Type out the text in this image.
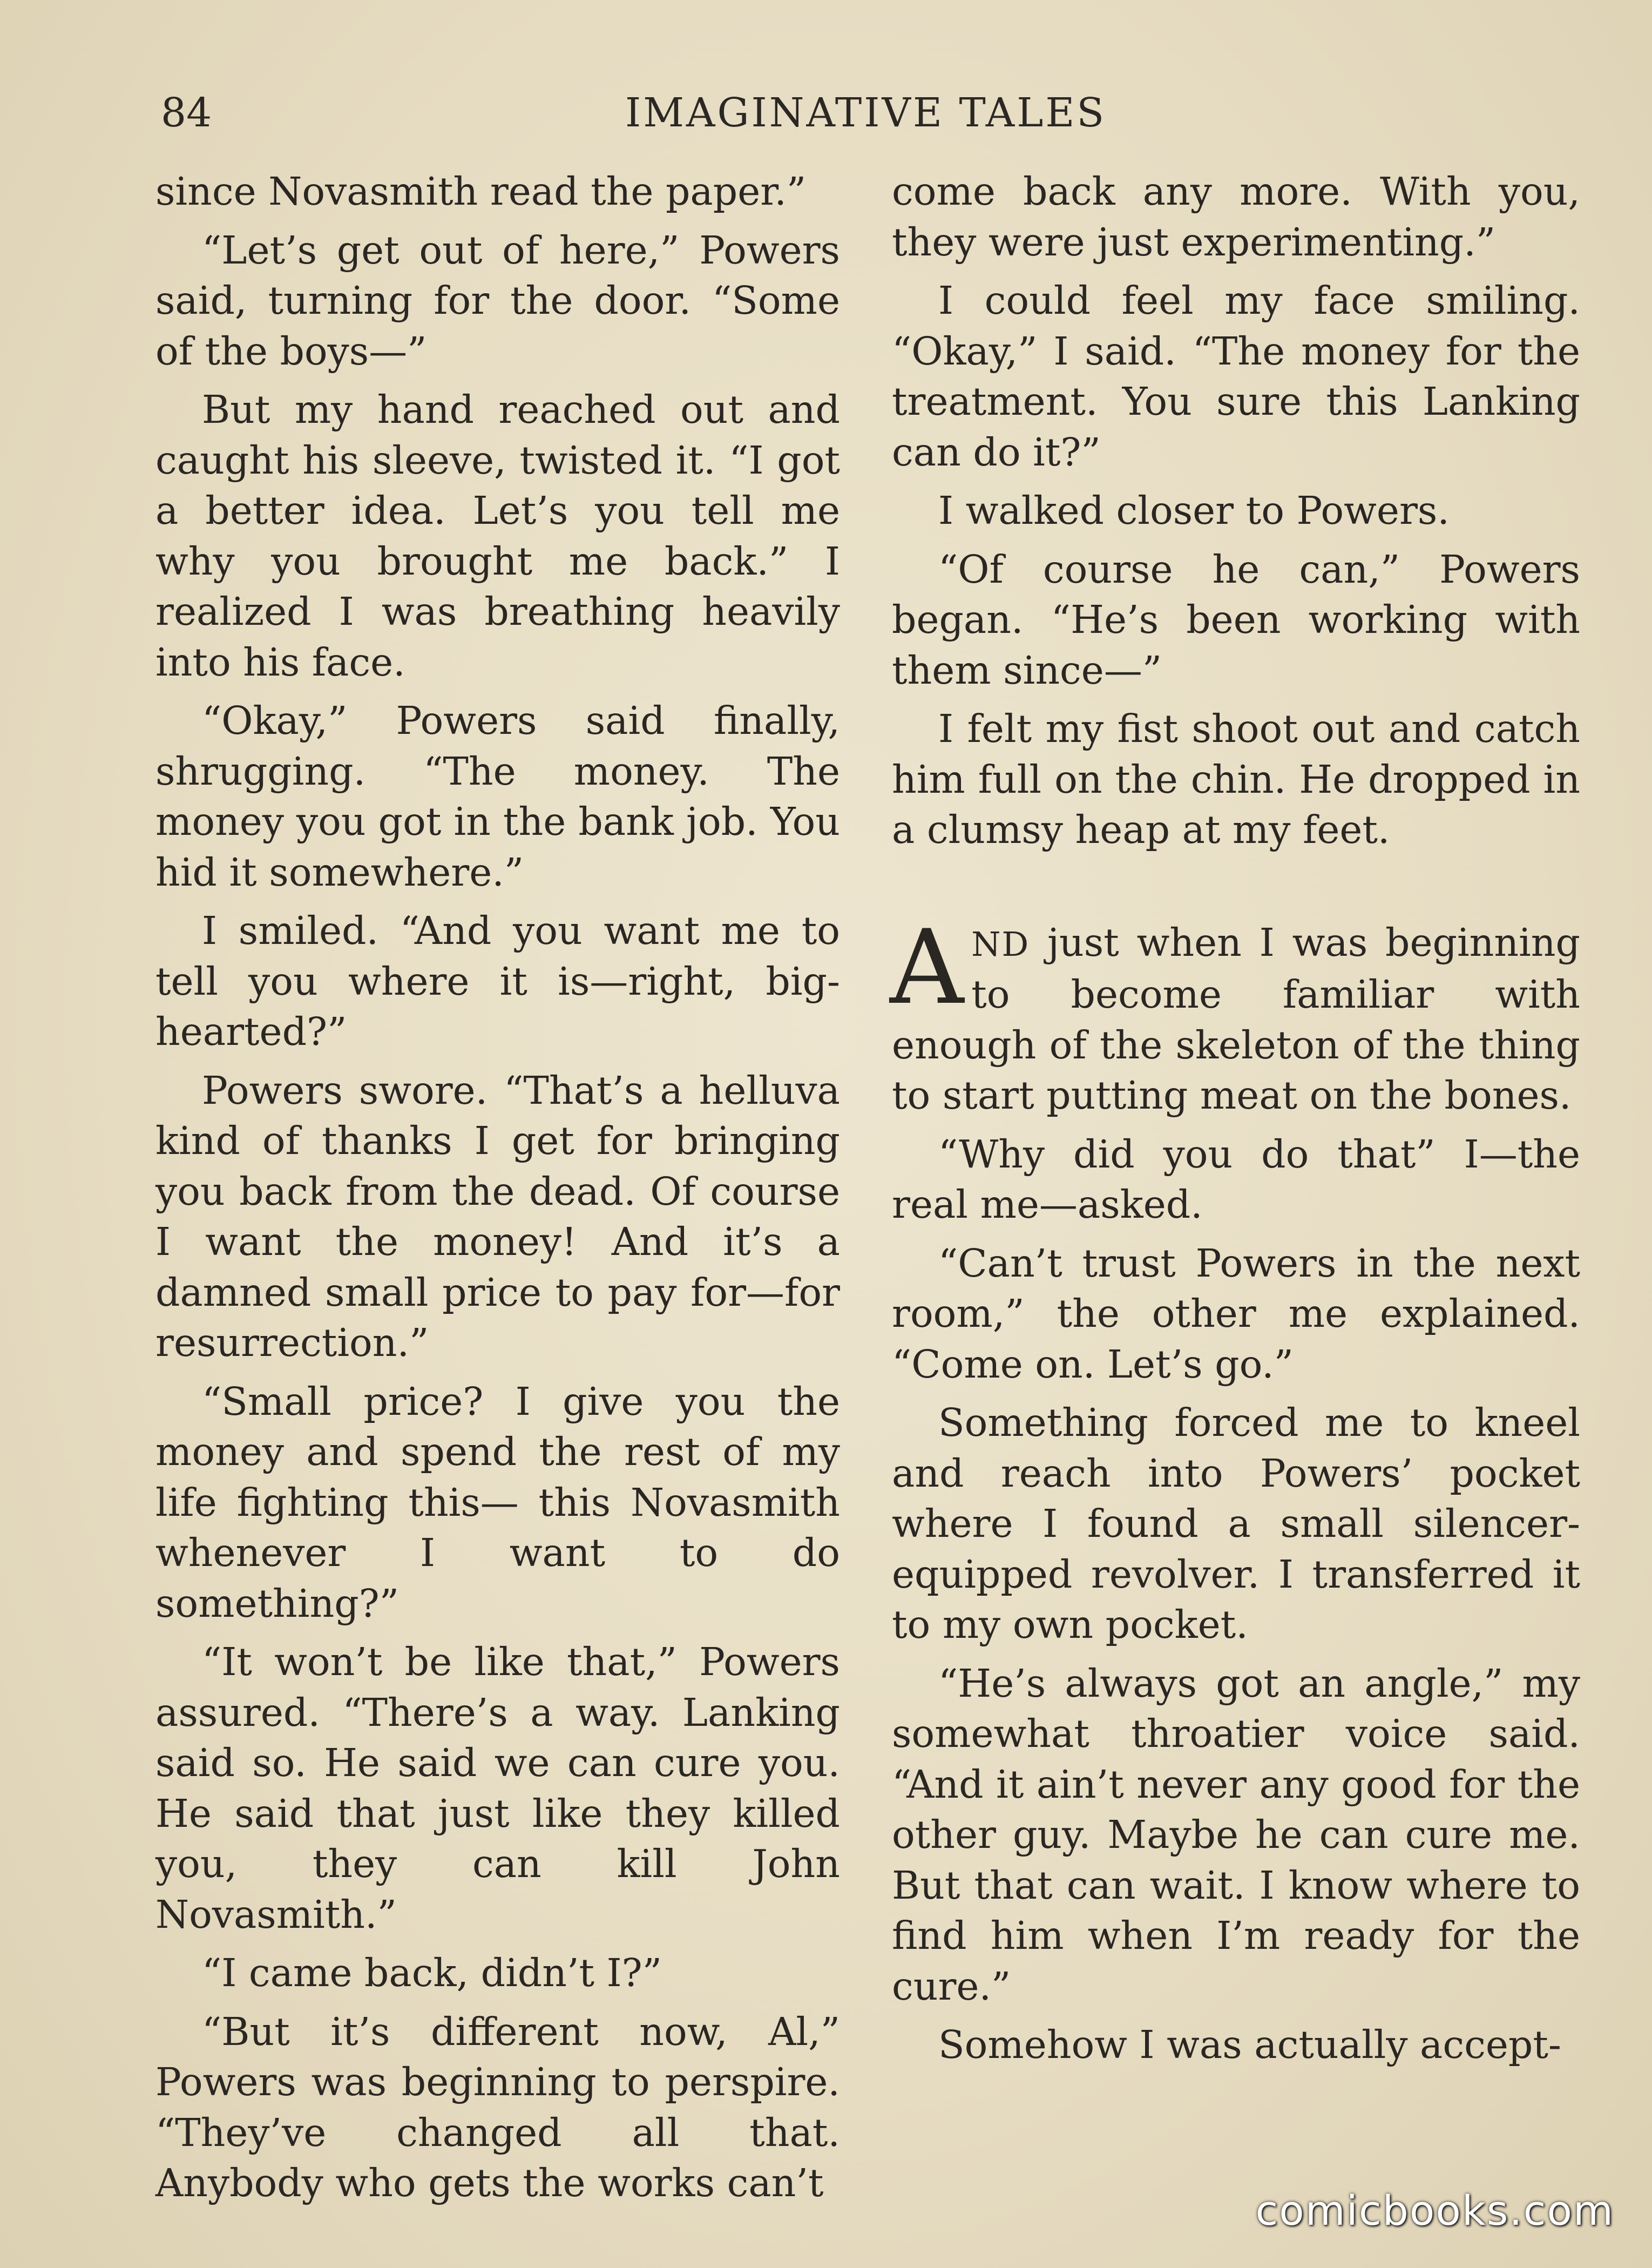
84	IMAGINATIVE TALES

since Novasmith read the paper.”

“Let’s get out of here,” Powers said, turning for the door. “Some of the boys—”

But my hand reached out and caught his sleeve, twisted it. “I got a better idea. Let’s you tell me why you brought me back.” I realized I was breathing heavily into his face.

“Okay,” Powers said finally, shrugging. “The money. The money you got in the bank job. You hid it somewhere.”

I smiled. “And you want me to tell you where it is—right, big-hearted?”

Powers swore. “That’s a helluva kind of thanks I get for bringing you back from the dead. Of course I want the money! And it’s a damned small price to pay for—for resurrection.”

“Small price? I give you the money and spend the rest of my life fighting this— this Novasmith whenever I want to do something?”

“It won’t be like that,” Powers assured. “There’s a way. Lanking said so. He said we can cure you. He said that just like they killed you, they can kill John Novasmith.”

“I came back, didn’t I?”

“But it’s different now, Al,” Powers was beginning to perspire. “They’ve changed all that. Anybody who gets the works can’t

come back any more. With you, they were just experimenting.”

I could feel my face smiling. “Okay,” I said. “The money for the treatment. You sure this Lanking can do it?”

I walked closer to Powers.

“Of course he can,” Powers began. “He’s been working with them since—”

I felt my fist shoot out and catch him full on the chin. He dropped in a clumsy heap at my feet.

AND just when I was beginning to become familiar with enough of the skeleton of the thing to start putting meat on the bones.

“Why did you do that” I—the real me—asked.

“Can’t trust Powers in the next room,” the other me explained. “Come on. Let’s go.”

Something forced me to kneel and reach into Powers’ pocket where I found a small silencer-equipped revolver. I transferred it to my own pocket.

“He’s always got an angle,” my somewhat throatier voice said. “And it ain’t never any good for the other guy. Maybe he can cure me. But that can wait. I know where to find him when I’m ready for the cure.”

Somehow I was actually accept-

comicbooks.com
